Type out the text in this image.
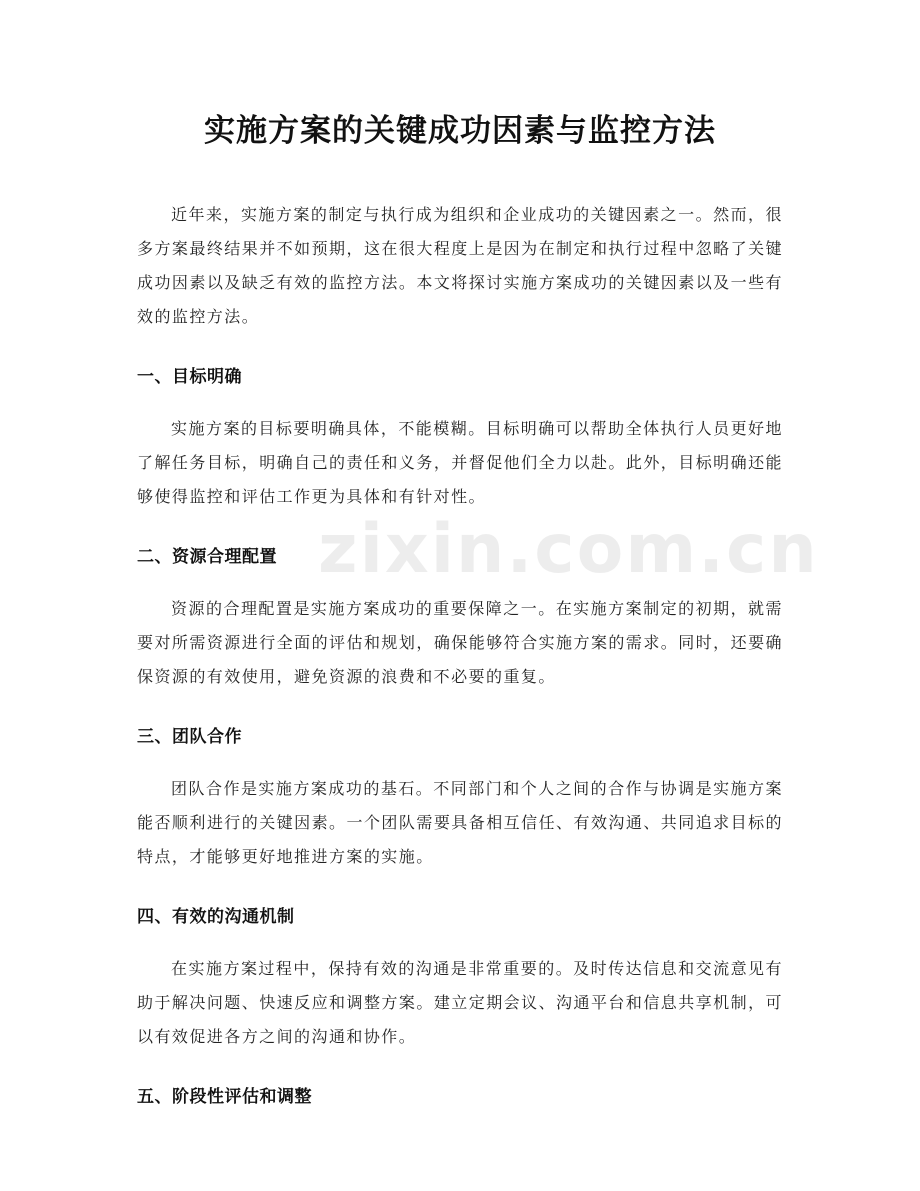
实施方案的关键成功因素与监控方法

近年来，实施方案的制定与执行成为组织和企业成功的关键因素之一。然而，很多方案最终结果并不如预期，这在很大程度上是因为在制定和执行过程中忽略了关键成功因素以及缺乏有效的监控方法。本文将探讨实施方案成功的关键因素以及一些有效的监控方法。

一、目标明确

实施方案的目标要明确具体，不能模糊。目标明确可以帮助全体执行人员更好地了解任务目标，明确自己的责任和义务，并督促他们全力以赴。此外，目标明确还能够使得监控和评估工作更为具体和有针对性。

二、资源合理配置

资源的合理配置是实施方案成功的重要保障之一。在实施方案制定的初期，就需要对所需资源进行全面的评估和规划，确保能够符合实施方案的需求。同时，还要确保资源的有效使用，避免资源的浪费和不必要的重复。

三、团队合作

团队合作是实施方案成功的基石。不同部门和个人之间的合作与协调是实施方案能否顺利进行的关键因素。一个团队需要具备相互信任、有效沟通、共同追求目标的特点，才能够更好地推进方案的实施。

四、有效的沟通机制

在实施方案过程中，保持有效的沟通是非常重要的。及时传达信息和交流意见有助于解决问题、快速反应和调整方案。建立定期会议、沟通平台和信息共享机制，可以有效促进各方之间的沟通和协作。

五、阶段性评估和调整
zixin.com.cn
